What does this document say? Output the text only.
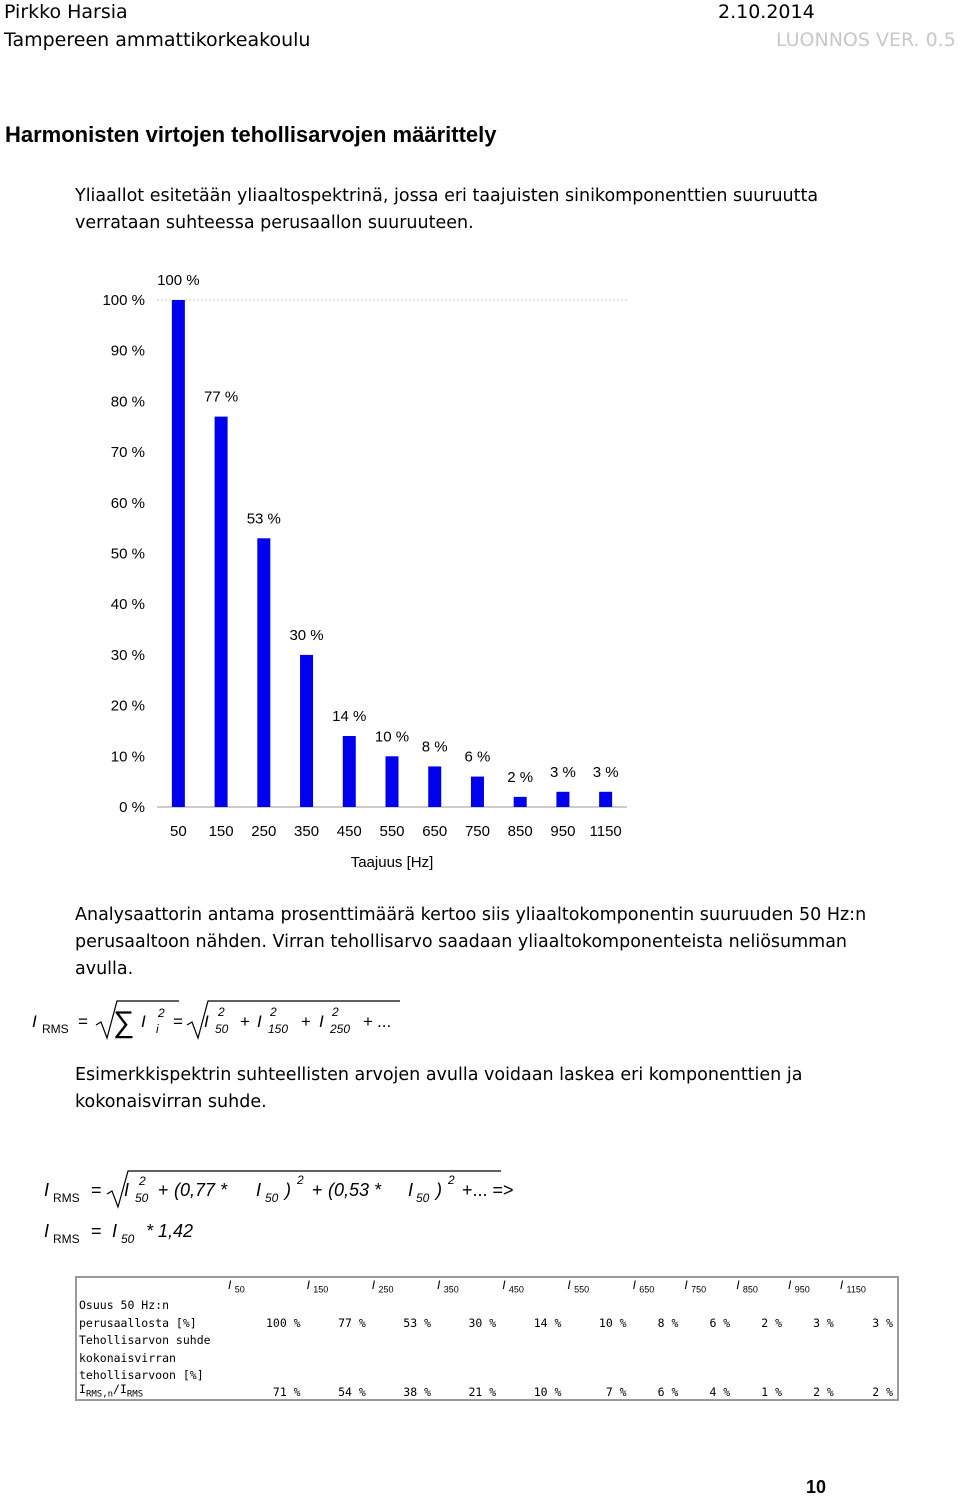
Pirkko Harsia
Tampereen ammattikorkeakoulu
2.10.2014
LUONNOS VER. 0.5
Harmonisten virtojen tehollisarvojen määrittely
Yliaallot esitetään yliaaltospektrinä, jossa eri taajuisten sinikomponenttien suuruutta verrataan suhteessa perusaallon suuruuteen.
0 %
10 %
20 %
30 %
40 %
50 %
60 %
70 %
80 %
90 %
100 %
100 %
77 %
53 %
30 %
14 %
10 %
8 %
6 %
2 % 3 % 3 %
50 150 250 350 450 550 650 750 850 950 1150
Taajuus [Hz]
Analysaattorin antama prosenttimäärä kertoo siis yliaaltokomponentin suuruuden 50 Hz:n perusaaltoon nähden. Virran tehollisarvo saadaan yliaaltokomponenteista neliösumman avulla.
I RMS = ∑ I 2
i = I 2
50 + I 2
150 + I 2
250 + ...
Esimerkkispektrin suhteellisten arvojen avulla voidaan laskea eri komponenttien ja kokonaisvirran suhde.
I RMS = I 2
50 + (0,77 * I 50 ) 2 + (0,53 * I 50 ) 2 +... =>
I RMS = I 50 * 1,42
	I $_{50}$	I $_{150}$	I $_{250}$	I $_{350}$	I $_{450}$	I $_{550}$	I $_{650}$	I $_{750}$	I $_{850}$	I $_{950}$	I $_{1150}$
Osuus 50 Hz:n											
perusaallosta [%]	100 %	77 %	53 %	30 %	14 %	10 %	8 %	6 %	2 %	3 %	3 %
Tehollisarvon suhde											
kokonaisvirran											
tehollisarvoon [%]											
$I_{RMS,n}/I_{RMS}$	71 %	54 %	38 %	21 %	10 %	7 %	6 %	4 %	1 %	2 %	2 %
10
